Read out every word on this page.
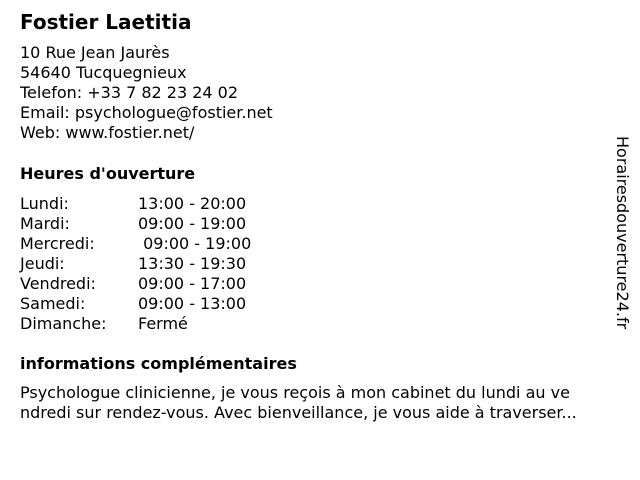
Fostier Laetitia
10 Rue Jean Jaurès
54640 Tucquegnieux
Telefon: +33 7 82 23 24 02
Email: psychologue@fostier.net
Web: www.fostier.net/
Heures d'ouverture
Lundi:	13:00 - 20:00
Mardi:	09:00 - 19:00
Mercredi:	09:00 - 19:00
Jeudi:	13:30 - 19:30
Vendredi:	09:00 - 17:00
Samedi:	09:00 - 13:00
Dimanche:	Fermé
informations complémentaires
Psychologue clinicienne, je vous reçois à mon cabinet du lundi au ve
ndredi sur rendez-vous. Avec bienveillance, je vous aide à traverser...
Horairesdouverture24.fr
